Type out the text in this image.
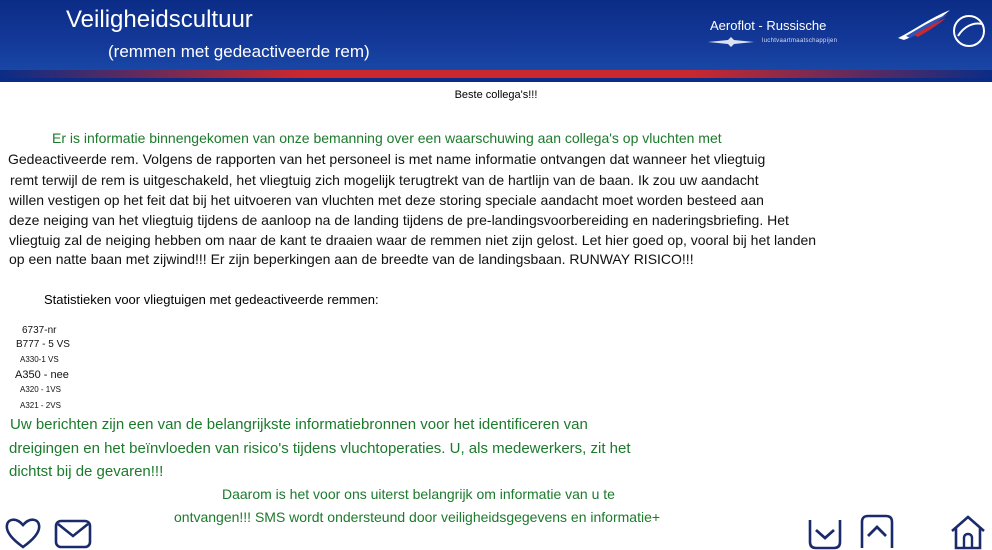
Veiligheidscultuur
(remmen met gedeactiveerde rem)
Aeroflot - Russische
luchtvaartmaatschappijen
Beste collega's!!!
Er is informatie binnengekomen van onze bemanning over een waarschuwing aan collega's op vluchten met
Gedeactiveerde rem. Volgens de rapporten van het personeel is met name informatie ontvangen dat wanneer het vliegtuig
remt terwijl de rem is uitgeschakeld, het vliegtuig zich mogelijk terugtrekt van de hartlijn van de baan. Ik zou uw aandacht
willen vestigen op het feit dat bij het uitvoeren van vluchten met deze storing speciale aandacht moet worden besteed aan
deze neiging van het vliegtuig tijdens de aanloop na de landing tijdens de pre-landingsvoorbereiding en naderingsbriefing. Het
vliegtuig zal de neiging hebben om naar de kant te draaien waar de remmen niet zijn gelost. Let hier goed op, vooral bij het landen
op een natte baan met zijwind!!! Er zijn beperkingen aan de breedte van de landingsbaan. RUNWAY RISICO!!!
Statistieken voor vliegtuigen met gedeactiveerde remmen:
6737-nr
B777 - 5 VS
A330-1 VS
A350 - nee
A320 - 1VS
A321 - 2VS
Uw berichten zijn een van de belangrijkste informatiebronnen voor het identificeren van
dreigingen en het beïnvloeden van risico's tijdens vluchtoperaties. U, als medewerkers, zit het
dichtst bij de gevaren!!!
Daarom is het voor ons uiterst belangrijk om informatie van u te
ontvangen!!! SMS wordt ondersteund door veiligheidsgegevens en informatie+
